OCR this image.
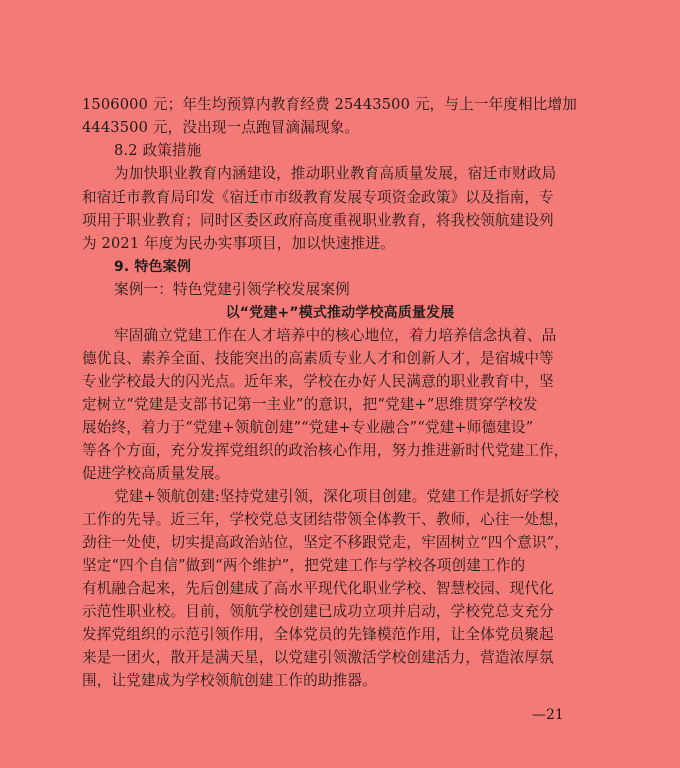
1506000 元；年生均预算内教育经费 25443500 元，与上一年度相比增加
4443500 元，没出现一点跑冒滴漏现象。
8.2 政策措施
为加快职业教育内涵建设，推动职业教育高质量发展，宿迁市财政局
和宿迁市教育局印发《宿迁市市级教育发展专项资金政策》以及指南，专
项用于职业教育；同时区委区政府高度重视职业教育，将我校领航建设列
为 2021 年度为民办实事项目，加以快速推进。
9. 特色案例
案例一：特色党建引领学校发展案例
以“党建+”模式推动学校高质量发展
牢固确立党建工作在人才培养中的核心地位，着力培养信念执着、品
德优良、素养全面、技能突出的高素质专业人才和创新人才，是宿城中等
专业学校最大的闪光点。近年来，学校在办好人民满意的职业教育中，坚
定树立“党建是支部书记第一主业”的意识，把“党建+”思维贯穿学校发
展始终，着力于“党建+领航创建”“党建+专业融合”“党建+师德建设”
等各个方面，充分发挥党组织的政治核心作用，努力推进新时代党建工作，
促进学校高质量发展。
党建+领航创建:坚持党建引领，深化项目创建。党建工作是抓好学校
工作的先导。近三年，学校党总支团结带领全体教干、教师，心往一处想，
劲往一处使，切实提高政治站位，坚定不移跟党走，牢固树立“四个意识”，
坚定“四个自信”做到“两个维护”，把党建工作与学校各项创建工作的
有机融合起来，先后创建成了高水平现代化职业学校、智慧校园、现代化
示范性职业校。目前，领航学校创建已成功立项并启动，学校党总支充分
发挥党组织的示范引领作用，全体党员的先锋模范作用，让全体党员聚起
来是一团火，散开是满天星，以党建引领激活学校创建活力，营造浓厚氛
围，让党建成为学校领航创建工作的助推器。
—21
